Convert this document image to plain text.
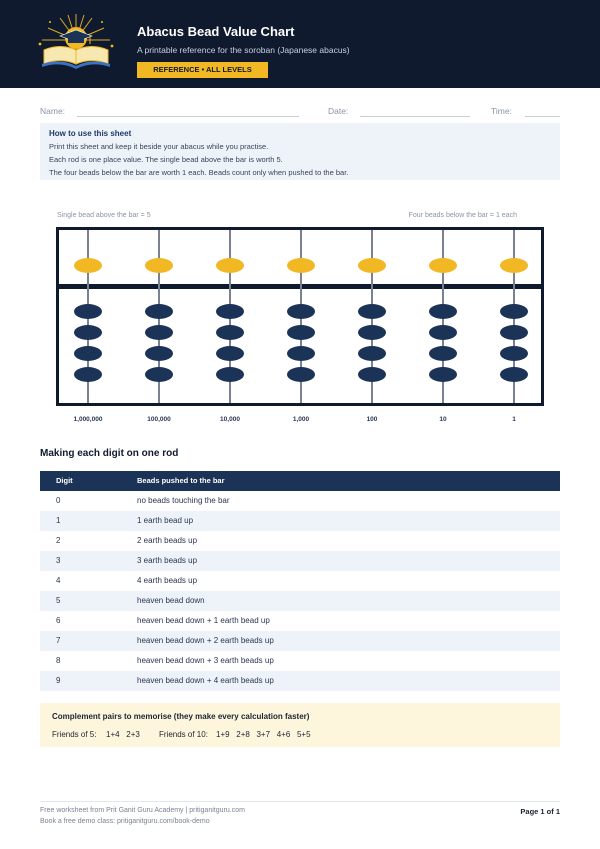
Abacus Bead Value Chart
A printable reference for the soroban (Japanese abacus)
REFERENCE • ALL LEVELS
Name:	Date:	Time:
How to use this sheet
Print this sheet and keep it beside your abacus while you practise.
Each rod is one place value. The single bead above the bar is worth 5.
The four beads below the bar are worth 1 each. Beads count only when pushed to the bar.
Single bead above the bar = 5	Four beads below the bar = 1 each
1,000,000	100,000	10,000	1,000	100	10	1
Making each digit on one rod
Digit	Beads pushed to the bar
0	no beads touching the bar
1	1 earth bead up
2	2 earth beads up
3	3 earth beads up
4	4 earth beads up
5	heaven bead down
6	heaven bead down + 1 earth bead up
7	heaven bead down + 2 earth beads up
8	heaven bead down + 3 earth beads up
9	heaven bead down + 4 earth beads up
Complement pairs to memorise (they make every calculation faster)
Friends of 5: 1+4   2+3 Friends of 10: 1+9   2+8   3+7   4+6   5+5
Free worksheet from Prit Ganit Guru Academy | pritiganitguru.com
Book a free demo class: pritiganitguru.com/book-demo
Page 1 of 1
